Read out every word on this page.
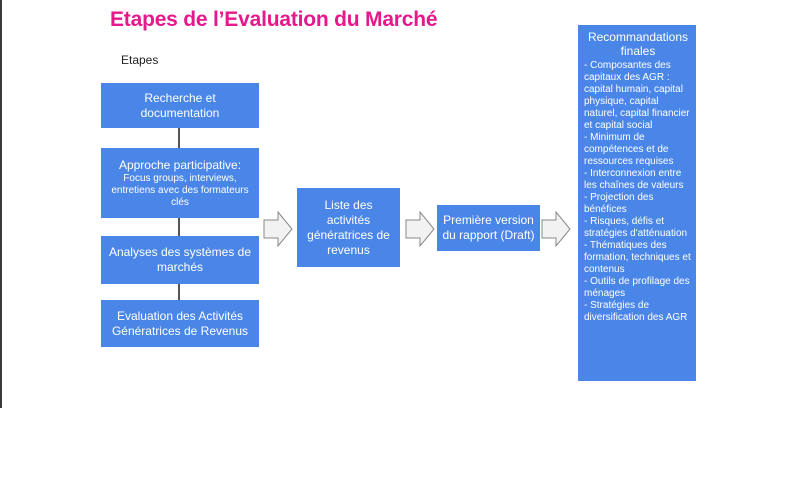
Etapes de l’Evaluation du Marché
Etapes
Recherche et documentation
Approche participative:
Focus groups, interviews, entretiens avec des formateurs clés
Analyses des systèmes de marchés
Evaluation des Activités Génératrices de Revenus
Liste des activités génératrices de revenus
Première version du rapport (Draft)
Recommandations finales
- Composantes des capitaux des AGR : capital humain, capital physique, capital naturel, capital financier et capital social
- Minimum de compétences et de ressources requises
- Interconnexion entre les chaînes de valeurs
- Projection des bénéfices
- Risques, défis et stratégies d'atténuation
- Thématiques des formation, techniques et contenus
- Outils de profilage des ménages
- Stratégies de diversification des AGR
